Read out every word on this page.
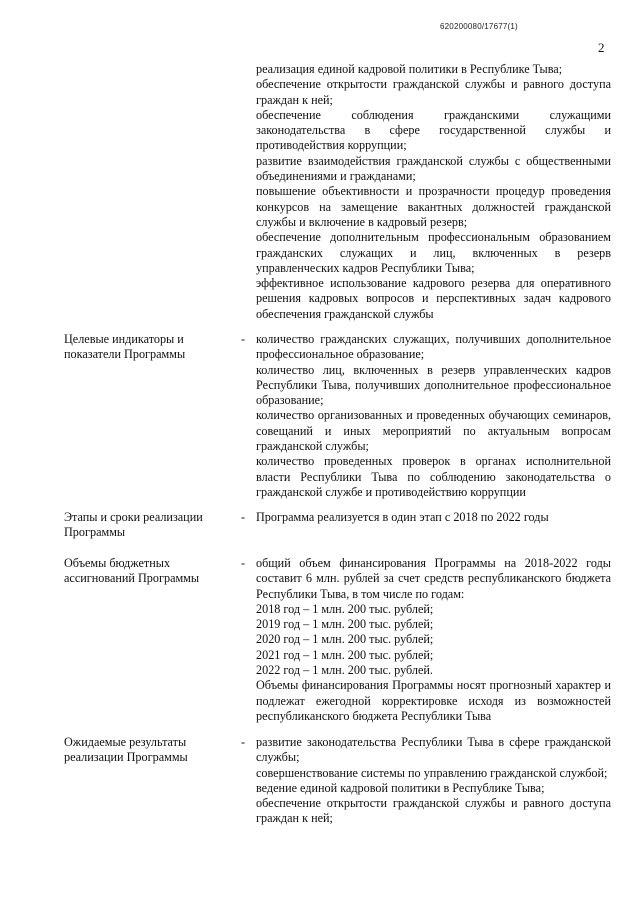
620200080/17677(1)
2

реализация единой кадровой политики в Республике Тыва;

обеспечение открытости гражданской службы и равного доступа граждан к ней;

обеспечение соблюдения гражданскими служащими законодательства в сфере государственной службы и противодействия коррупции;

развитие взаимодействия гражданской службы с общественными объединениями и гражданами;

повышение объективности и прозрачности процедур проведения конкурсов на замещение вакантных должностей гражданской службы и включение в кадровый резерв;

обеспечение дополнительным профессиональным образованием гражданских служащих и лиц, включенных в резерв управленческих кадров Республики Тыва;

эффективное использование кадрового резерва для оперативного решения кадровых вопросов и перспективных задач кадрового обеспечения гражданской службы

Целевые индикаторы и показатели Программы
- количество гражданских служащих, получивших дополнительное профессиональное образование;

количество лиц, включенных в резерв управленческих кадров Республики Тыва, получивших дополнительное профессиональное образование;

количество организованных и проведенных обучающих семинаров, совещаний и иных мероприятий по актуальным вопросам гражданской службы;

количество проведенных проверок в органах исполнительной власти Республики Тыва по соблюдению законодательства о гражданской службе и противодействию коррупции

Этапы и сроки реализации Программы
- Программа реализуется в один этап с 2018 по 2022 годы

Объемы бюджетных ассигнований Программы
- общий объем финансирования Программы на 2018-2022 годы составит 6 млн. рублей за счет средств республиканского бюджета Республики Тыва, в том числе по годам:

2018 год – 1 млн. 200 тыс. рублей;

2019 год – 1 млн. 200 тыс. рублей;

2020 год – 1 млн. 200 тыс. рублей;

2021 год – 1 млн. 200 тыс. рублей;

2022 год – 1 млн. 200 тыс. рублей.

Объемы финансирования Программы носят прогнозный характер и подлежат ежегодной корректировке исходя из возможностей республиканского бюджета Республики Тыва

Ожидаемые результаты реализации Программы
- развитие законодательства Республики Тыва в сфере гражданской службы;

совершенствование системы по управлению гражданской службой;

ведение единой кадровой политики в Республике Тыва;

обеспечение открытости гражданской службы и равного доступа граждан к ней;
